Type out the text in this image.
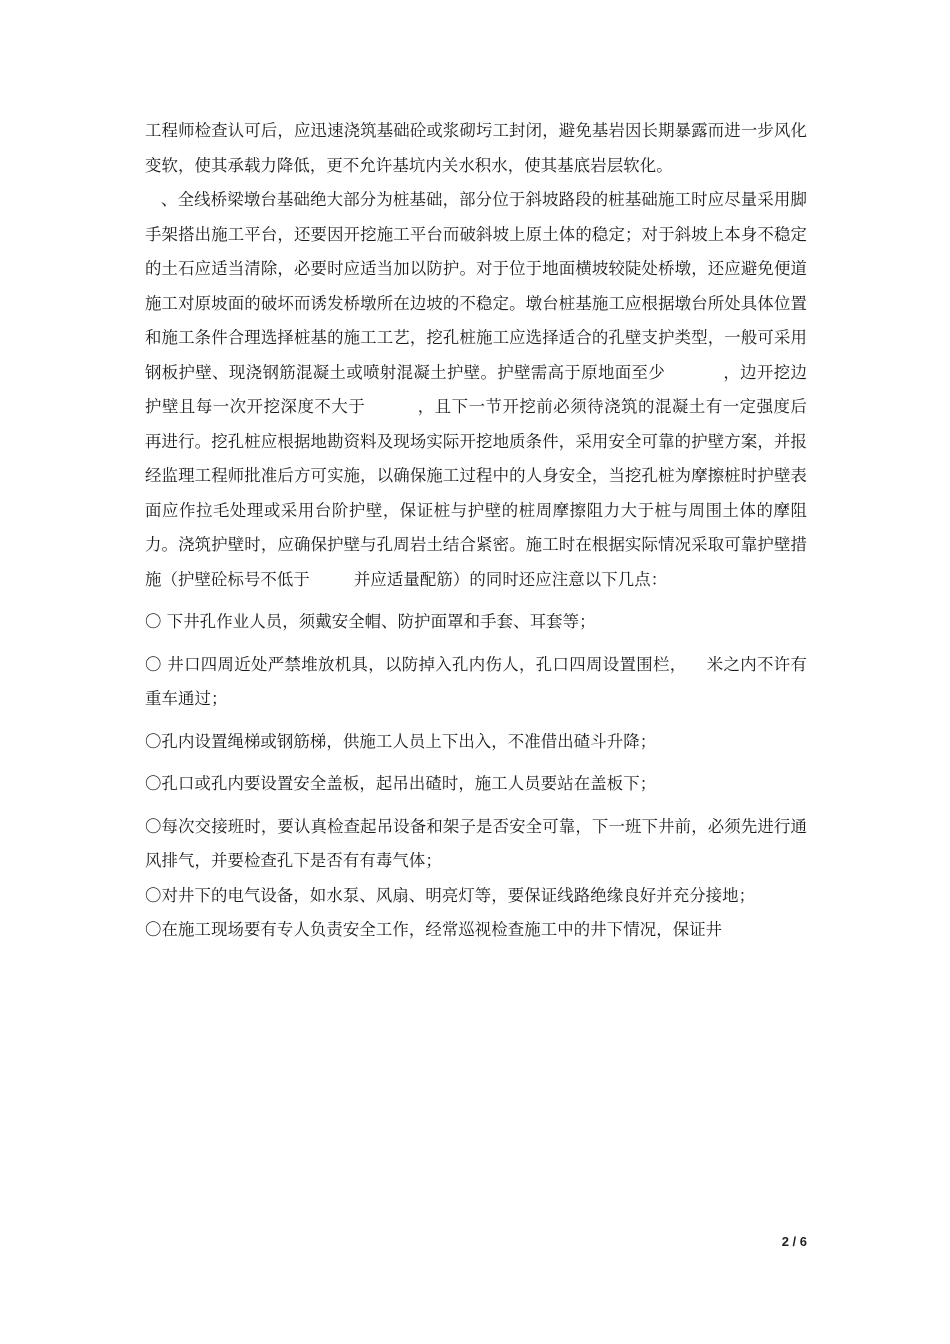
工程师检查认可后，应迅速浇筑基础砼或浆砌圬工封闭，避免基岩因长期暴露而进一步风化变软，使其承载力降低，更不允许基坑内关水积水，使其基底岩层软化。

、全线桥梁墩台基础绝大部分为桩基础，部分位于斜坡路段的桩基础施工时应尽量采用脚手架搭出施工平台，还要因开挖施工平台而破斜坡上原土体的稳定；对于斜坡上本身不稳定的土石应适当清除，必要时应适当加以防护。对于位于地面横坡较陡处桥墩，还应避免便道施工对原坡面的破坏而诱发桥墩所在边坡的不稳定。墩台桩基施工应根据墩台所处具体位置和施工条件合理选择桩基的施工工艺，挖孔桩施工应选择适合的孔壁支护类型，一般可采用钢板护壁、现浇钢筋混凝土或喷射混凝土护壁。护壁需高于原地面至少	，边开挖边护壁且每一次开挖深度不大于	，且下一节开挖前必须待浇筑的混凝土有一定强度后再进行。挖孔桩应根据地勘资料及现场实际开挖地质条件，采用安全可靠的护壁方案，并报经监理工程师批准后方可实施，以确保施工过程中的人身安全，当挖孔桩为摩擦桩时护壁表面应作拉毛处理或采用台阶护壁，保证桩与护壁的桩周摩擦阻力大于桩与周围土体的摩阻力。浇筑护壁时，应确保护壁与孔周岩土结合紧密。施工时在根据实际情况采取可靠护壁措施（护壁砼标号不低于	并应适量配筋）的同时还应注意以下几点：

〇 下井孔作业人员，须戴安全帽、防护面罩和手套、耳套等；

〇 井口四周近处严禁堆放机具，以防掉入孔内伤人，孔口四周设置围栏， 米之内不许有重车通过；

〇孔内设置绳梯或钢筋梯，供施工人员上下出入，不准借出碴斗升降；

〇孔口或孔内要设置安全盖板，起吊出碴时，施工人员要站在盖板下；

〇每次交接班时，要认真检查起吊设备和架子是否安全可靠，下一班下井前，必须先进行通风排气，并要检查孔下是否有有毒气体；

〇对井下的电气设备，如水泵、风扇、明亮灯等，要保证线路绝缘良好并充分接地；

〇在施工现场要有专人负责安全工作，经常巡视检查施工中的井下情况，保证井

2 / 6
